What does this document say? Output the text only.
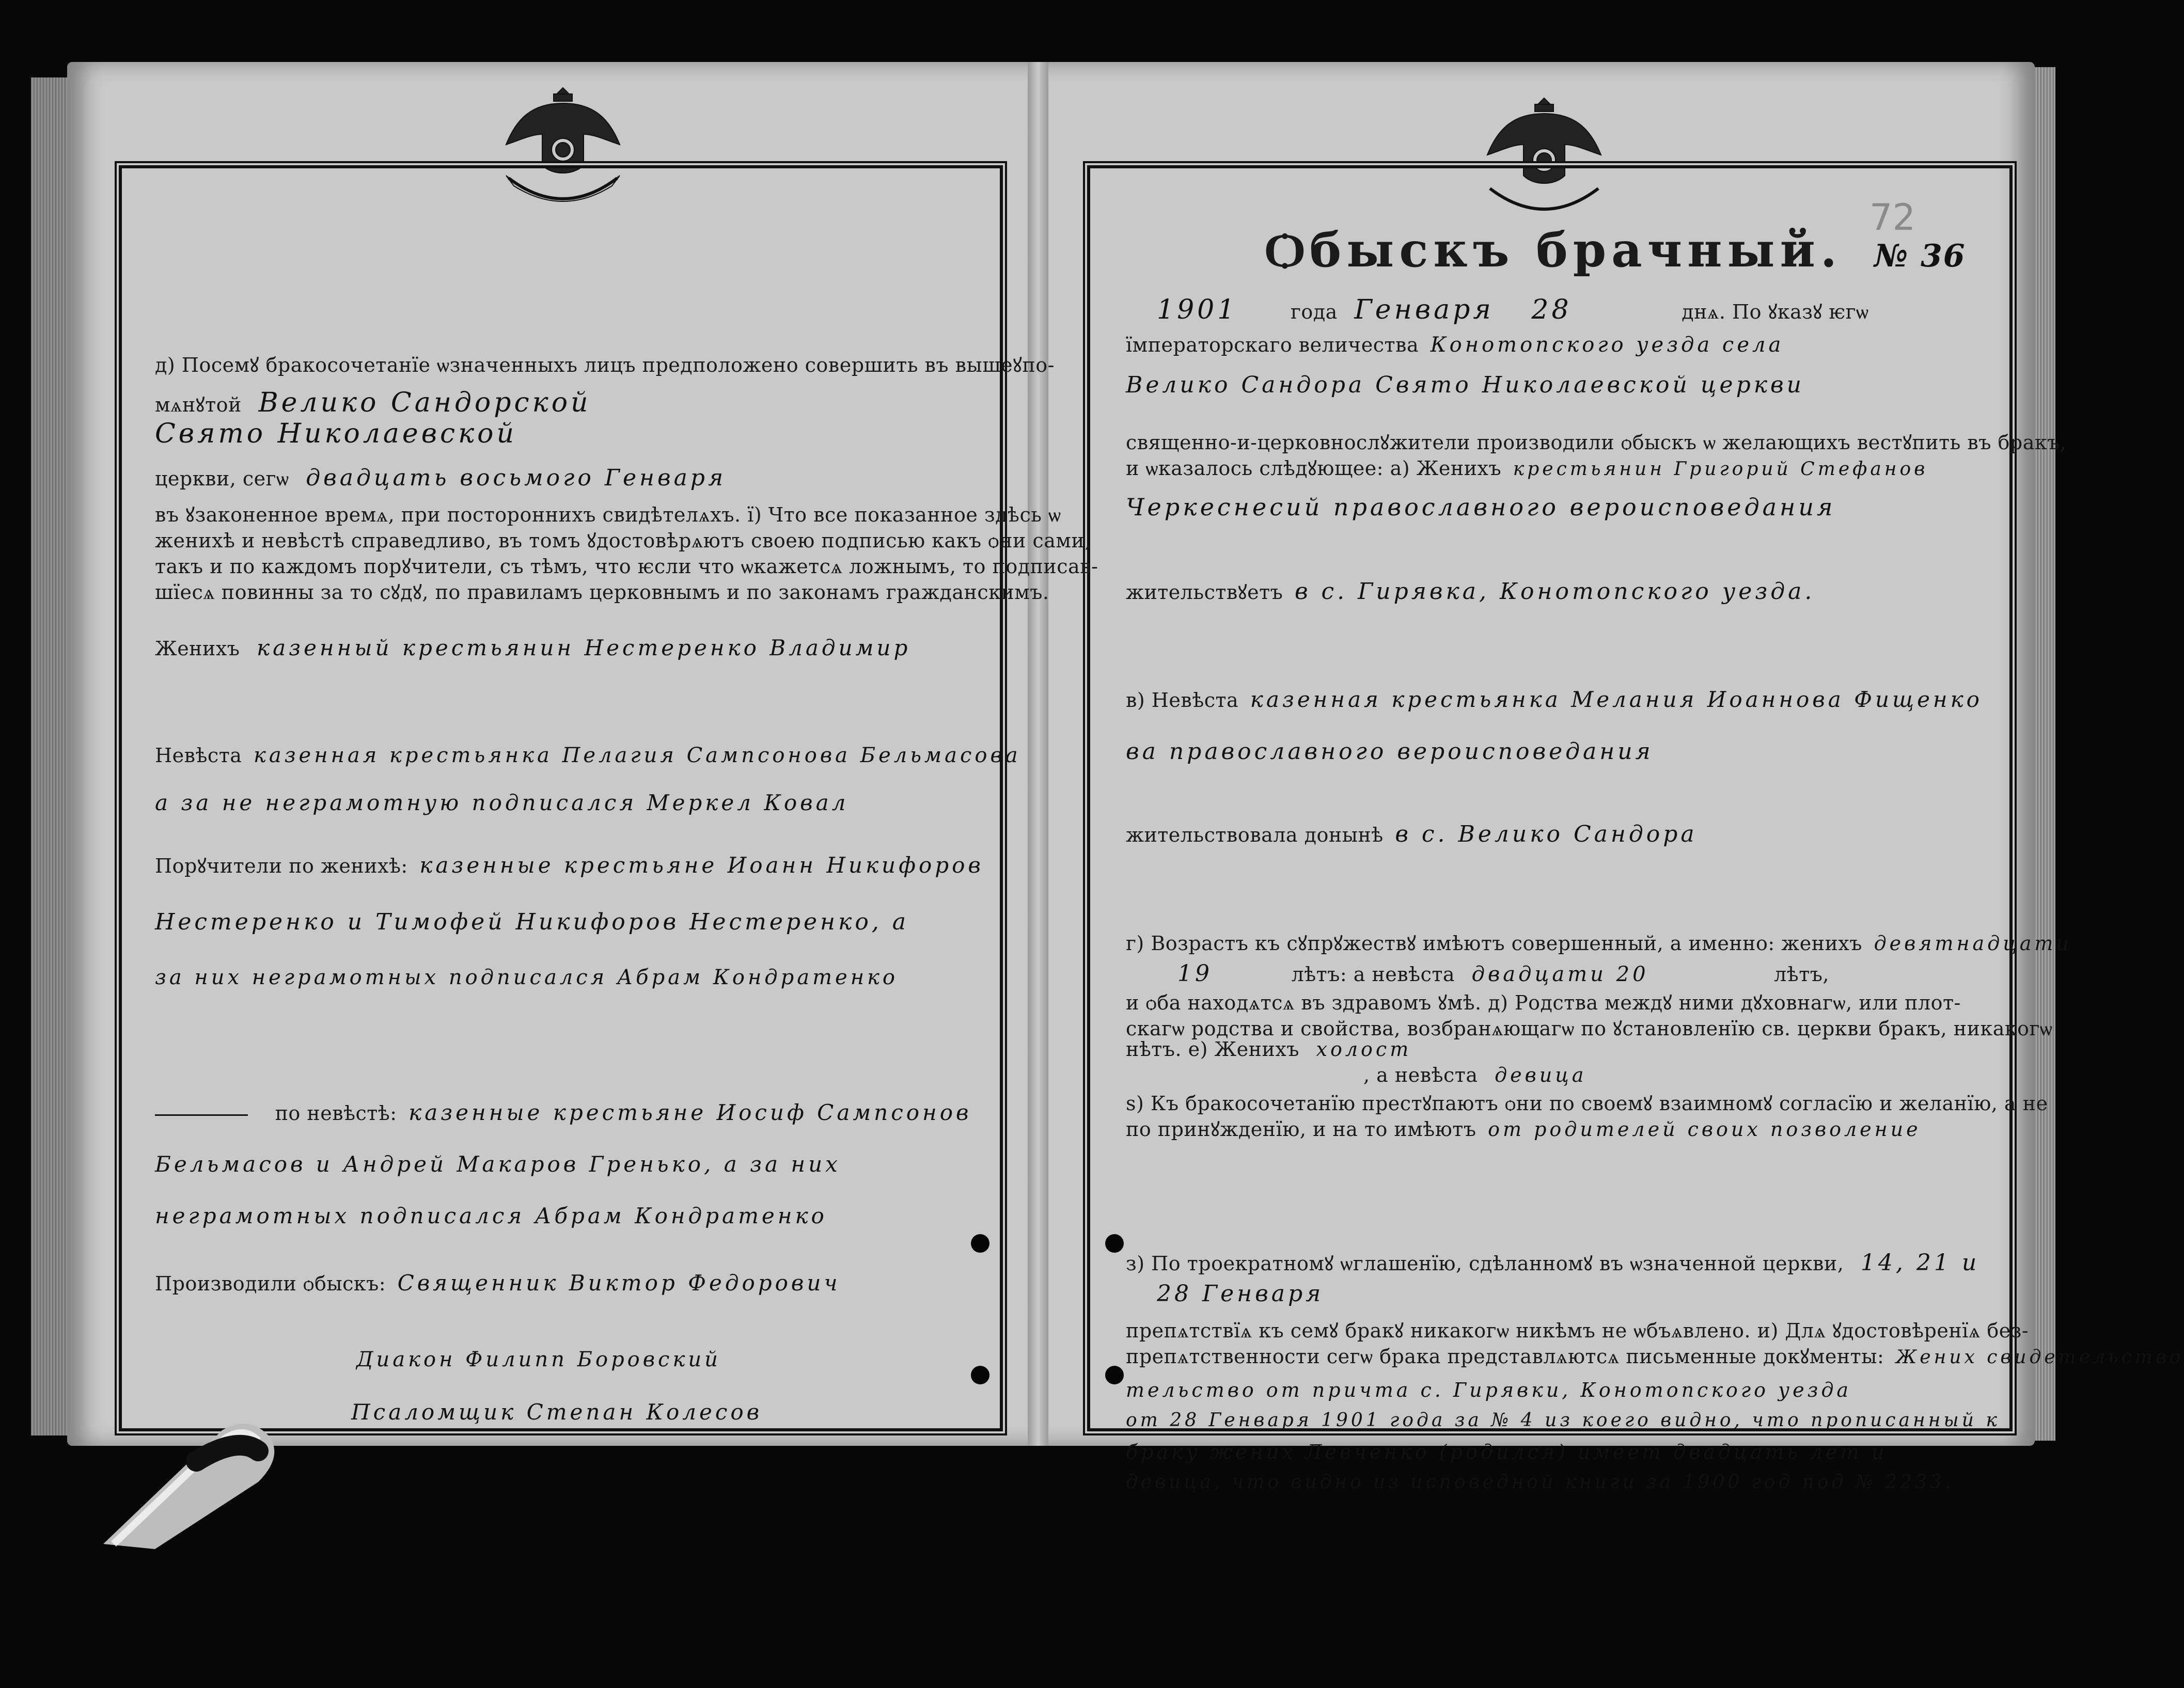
д) Посемꙋ бракосочетанїе ѡзначенныхъ лицъ предположено совершить въ вышеꙋпо-
мѧнꙋтой Велико Сандорской
Свято Николаевской
церкви, сегѡ двадцать восьмого Генваря
въ ꙋзаконенное времѧ, при постороннихъ свидѣтелѧхъ. ї) Что все показанное здѣсь ѡ
женихѣ и невѣстѣ справедливо, въ томъ ꙋдостовѣрѧютъ своею подписью какъ ѻни сами,
такъ и по каждомъ порꙋчители, съ тѣмъ, что ѥсли что ѡкажетсѧ ложнымъ, то подписав-
шїесѧ повинны за то сꙋдꙋ, по правиламъ церковнымъ и по законамъ гражданскимъ.
Женихъ казенный крестьянин Нестеренко Владимир
Невѣста казенная крестьянка Пелагия Сампсонова Бельмасова
а за не неграмотную подписался Меркел Ковал
Порꙋчители по женихѣ: казенные крестьяне Иоанн Никифоров
Нестеренко и Тимофей Никифоров Нестеренко, а
за них неграмотных подписался Абрам Кондратенко
по невѣстѣ: казенные крестьяне Иосиф Сампсонов
Бельмасов и Андрей Макаров Гренько, а за них
неграмотных подписался Абрам Кондратенко
Производили ѻбыскъ: Священник Виктор Федорович
Диакон Филипп Боровский
Псаломщик Степан Колесов
Ѻбыскъ брачный. № 36
72
1901	года Генваря 28	днѧ. По ꙋказꙋ ѥгѡ
їмператорскаго величества Конотопского уезда села
Велико Сандора Свято Николаевской церкви
священно-и-церковнослꙋжители производили ѻбыскъ ѡ желающихъ вестꙋпить въ бракъ,
и ѡказалось слѣдꙋющее: а) Женихъ крестьянин Григорий Стефанов
Черкеснесий православного вероисповедания
жительствꙋетъ в с. Гирявка, Конотопского уезда.
в) Невѣста казенная крестьянка Мелания Иоаннова Фищенко
ва православного вероисповедания
жительствовала донынѣ в с. Велико Сандора
г) Возрастъ къ сꙋпрꙋжествꙋ имѣютъ совершенный, а именно: женихъ девятнадцати
19	лѣтъ: а невѣста двадцати 20	лѣтъ,
и ѻба находѧтсѧ въ здравомъ ꙋмѣ. д) Родства междꙋ ними дꙋховнагѡ, или плот-
скагѡ родства и свойства, возбранѧющагѡ по ꙋстановленїю св. церкви бракъ, никакогѡ
нѣтъ. е) Женихъ холост
, а невѣста девица
ѕ) Къ бракосочетанїю престꙋпаютъ ѻни по своемꙋ взаимномꙋ согласїю и желанїю, а не
по принꙋжденїю, и на то имѣютъ от родителей своих позволение
з) По троекратномꙋ ѡглашенїю, сдѣланномꙋ въ ѡзначенной церкви, 14, 21 и
28 Генваря
препѧтствїѧ къ семꙋ бракꙋ никакогѡ никѣмъ не ѡбъѧвлено. и) Длѧ ꙋдостовѣренїѧ без-
препѧтственности сегѡ брака представлѧютсѧ письменные докꙋменты: Жених свидетельство
тельство от причта с. Гирявки, Конотопского уезда
от 28 Генваря 1901 года за № 4 из коего видно, что прописанный к
браку жених Левченко (родился) имеет двадцать лет и
девица, что видно из исповедной книги за 1900 год под № 2233.
